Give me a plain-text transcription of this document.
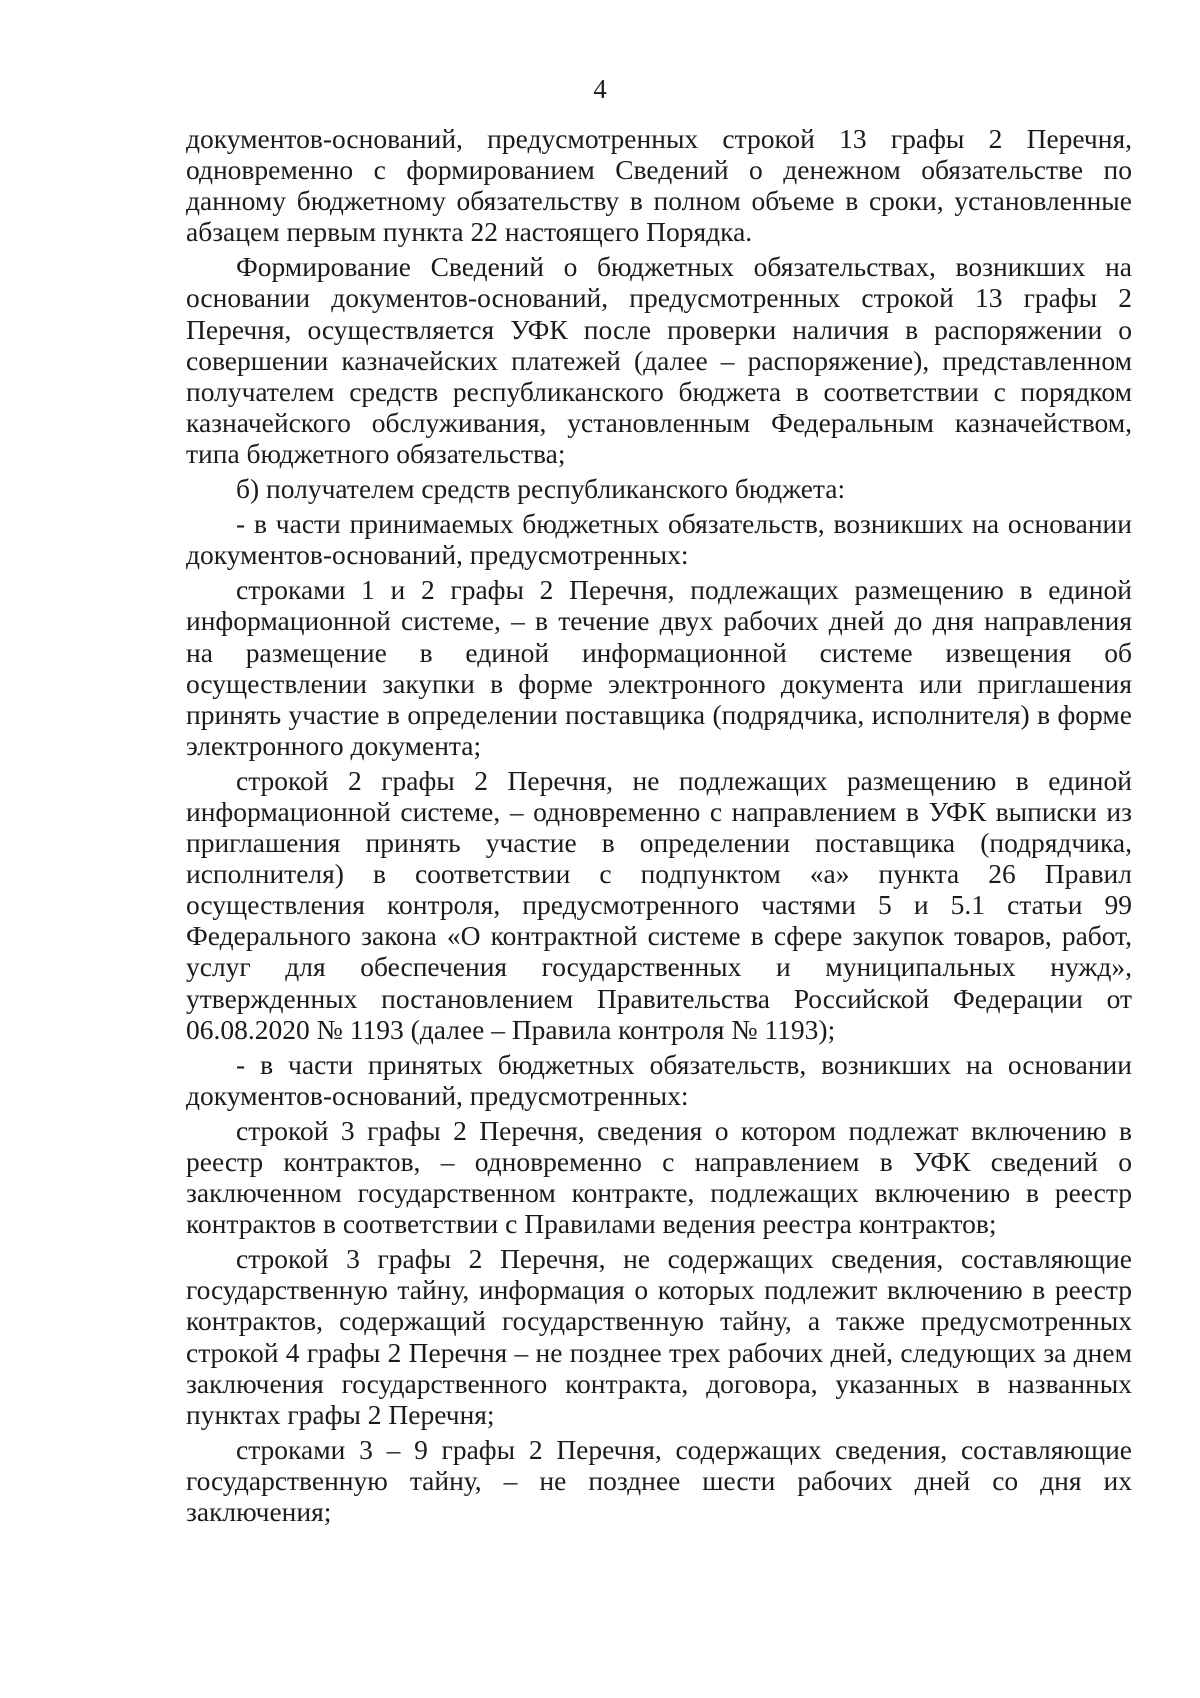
4

документов-оснований, предусмотренных строкой 13 графы 2 Перечня, одновременно с формированием Сведений о денежном обязательстве по данному бюджетному обязательству в полном объеме в сроки, установленные абзацем первым пункта 22 настоящего Порядка.

Формирование Сведений о бюджетных обязательствах, возникших на основании документов-оснований, предусмотренных строкой 13 графы 2 Перечня, осуществляется УФК после проверки наличия в распоряжении о совершении казначейских платежей (далее – распоряжение), представленном получателем средств республиканского бюджета в соответствии с порядком казначейского обслуживания, установленным Федеральным казначейством, типа бюджетного обязательства;

б) получателем средств республиканского бюджета:

- в части принимаемых бюджетных обязательств, возникших на основании документов-оснований, предусмотренных:

строками 1 и 2 графы 2 Перечня, подлежащих размещению в единой информационной системе, – в течение двух рабочих дней до дня направления на размещение в единой информационной системе извещения об осуществлении закупки в форме электронного документа или приглашения принять участие в определении поставщика (подрядчика, исполнителя) в форме электронного документа;

строкой 2 графы 2 Перечня, не подлежащих размещению в единой информационной системе, – одновременно с направлением в УФК выписки из приглашения принять участие в определении поставщика (подрядчика, исполнителя) в соответствии с подпунктом «а» пункта 26 Правил осуществления контроля, предусмотренного частями 5 и 5.1 статьи 99 Федерального закона «О контрактной системе в сфере закупок товаров, работ, услуг для обеспечения государственных и муниципальных нужд», утвержденных постановлением Правительства Российской Федерации от 06.08.2020 № 1193 (далее – Правила контроля № 1193);

- в части принятых бюджетных обязательств, возникших на основании документов-оснований, предусмотренных:

строкой 3 графы 2 Перечня, сведения о котором подлежат включению в реестр контрактов, – одновременно с направлением в УФК сведений о заключенном государственном контракте, подлежащих включению в реестр контрактов в соответствии с Правилами ведения реестра контрактов;

строкой 3 графы 2 Перечня, не содержащих сведения, составляющие государственную тайну, информация о которых подлежит включению в реестр контрактов, содержащий государственную тайну, а также предусмотренных строкой 4 графы 2 Перечня – не позднее трех рабочих дней, следующих за днем заключения государственного контракта, договора, указанных в названных пунктах графы 2 Перечня;

строками 3 – 9 графы 2 Перечня, содержащих сведения, составляющие государственную тайну, – не позднее шести рабочих дней со дня их заключения;
